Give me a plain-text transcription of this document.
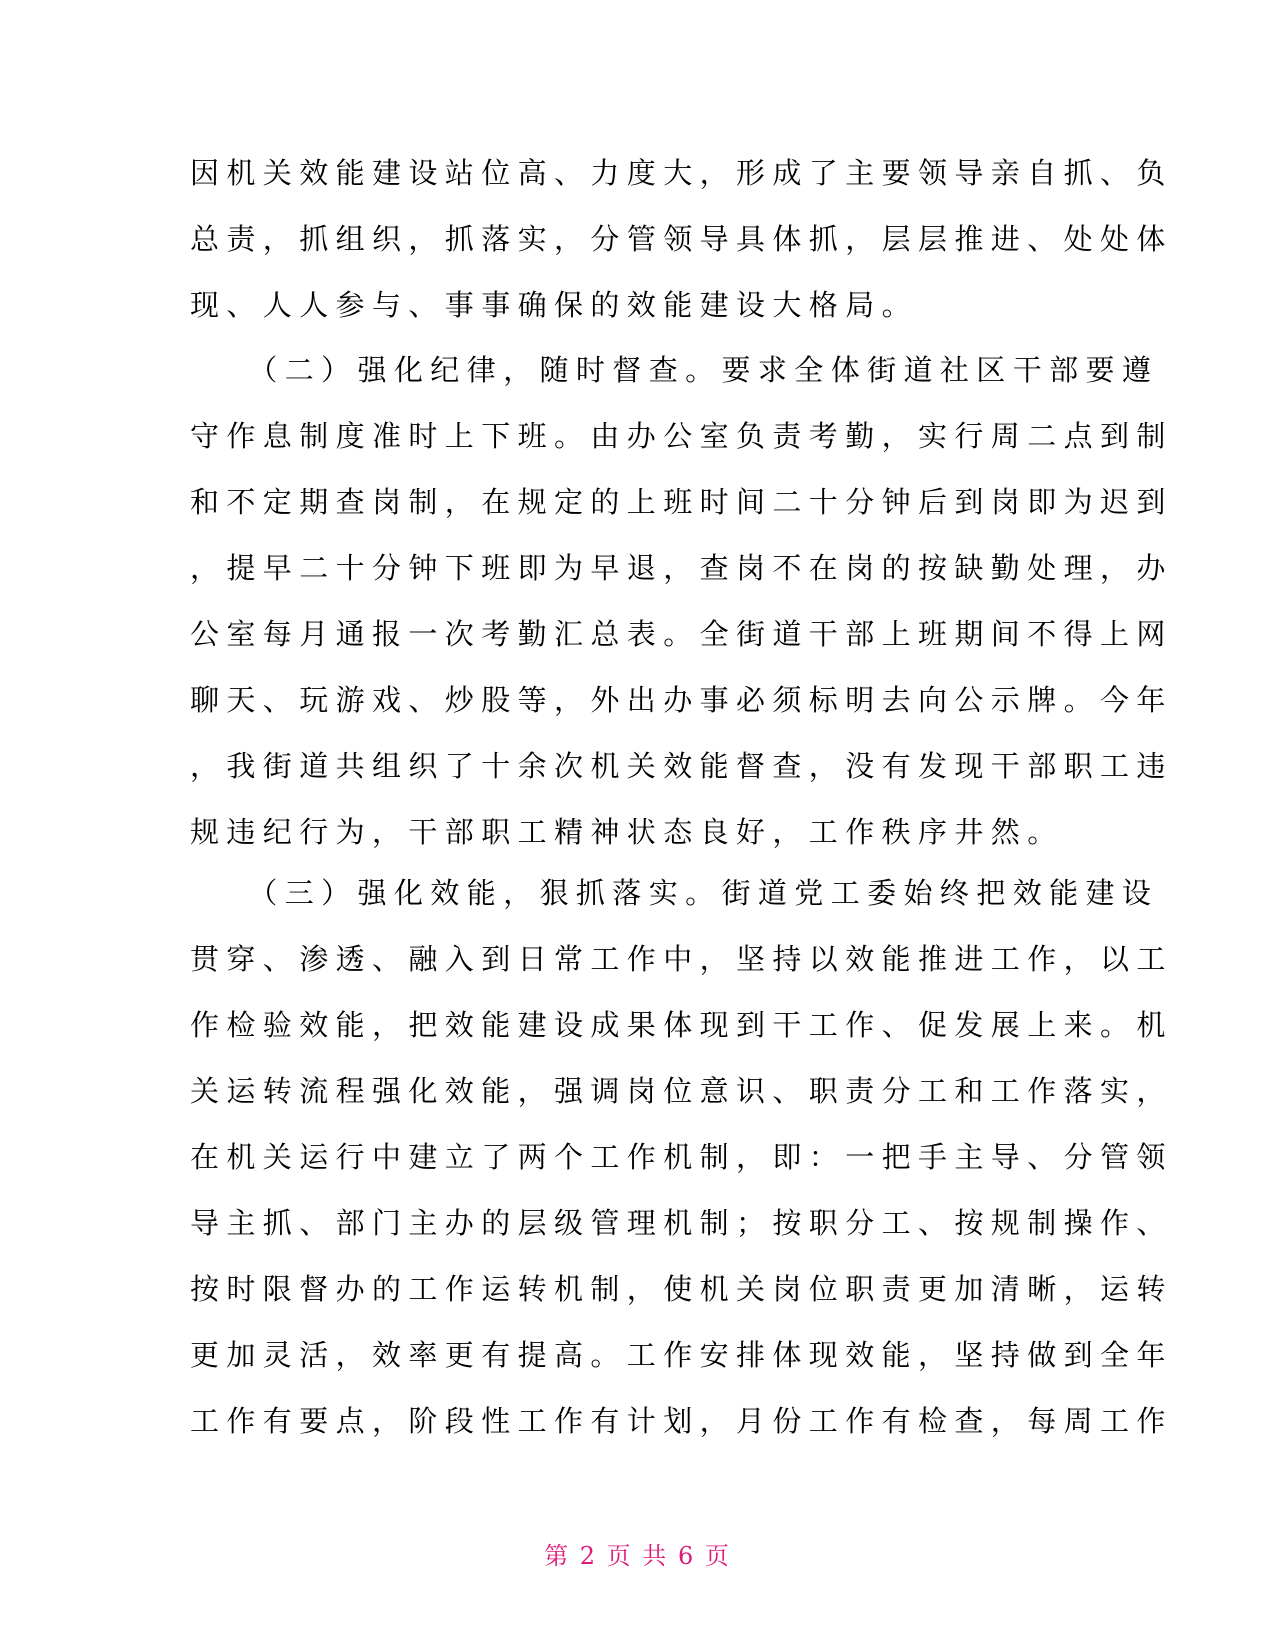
因机关效能建设站位高、力度大，形成了主要领导亲自抓、负
总责，抓组织，抓落实，分管领导具体抓，层层推进、处处体
现、人人参与、事事确保的效能建设大格局。
　　（二）强化纪律，随时督查。要求全体街道社区干部要遵
守作息制度准时上下班。由办公室负责考勤，实行周二点到制
和不定期查岗制，在规定的上班时间二十分钟后到岗即为迟到
，提早二十分钟下班即为早退，查岗不在岗的按缺勤处理，办
公室每月通报一次考勤汇总表。全街道干部上班期间不得上网
聊天、玩游戏、炒股等，外出办事必须标明去向公示牌。今年
，我街道共组织了十余次机关效能督查，没有发现干部职工违
规违纪行为，干部职工精神状态良好，工作秩序井然。
　　（三）强化效能，狠抓落实。街道党工委始终把效能建设
贯穿、渗透、融入到日常工作中，坚持以效能推进工作，以工
作检验效能，把效能建设成果体现到干工作、促发展上来。机
关运转流程强化效能，强调岗位意识、职责分工和工作落实，
在机关运行中建立了两个工作机制，即：一把手主导、分管领
导主抓、部门主办的层级管理机制；按职分工、按规制操作、
按时限督办的工作运转机制，使机关岗位职责更加清晰，运转
更加灵活，效率更有提高。工作安排体现效能，坚持做到全年
工作有要点，阶段性工作有计划，月份工作有检查，每周工作
第 2 页 共 6 页
